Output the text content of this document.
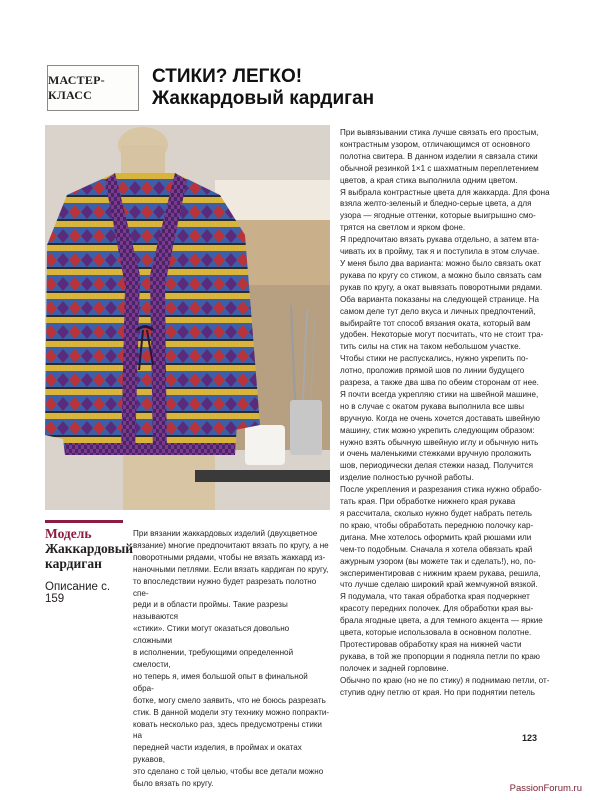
МАСТЕР-КЛАСС
СТИКИ? ЛЕГКО!
Жаккардовый кардиган
Модель
Жаккардовый
кардиган
Описание с. 159

При вязании жаккардовых изделий (двухцветное

вязание) многие предпочитают вязать по кругу, а не

поворотными рядами, чтобы не вязать жаккард из-

наночными петлями. Если вязать кардиган по кругу,

то впоследствии нужно будет разрезать полотно спе-

реди и в области проймы. Такие разрезы называются

«стики». Стики могут оказаться довольно сложными

в исполнении, требующими определенной смелости,

но теперь я, имея большой опыт в финальной обра-

ботке, могу смело заявить, что не боюсь разрезать

стик. В данной модели эту технику можно попракти-

ковать несколько раз, здесь предусмотрены стики на

передней части изделия, в проймах и окатах рукавов,

это сделано с той целью, чтобы все детали можно

было вязать по кругу.

При вывязывании стика лучше связать его простым,

контрастным узором, отличающимся от основного

полотна свитера. В данном изделии я связала стики

обычной резинкой 1×1 с шахматным переплетением

цветов, а края стика выполнила одним цветом.

Я выбрала контрастные цвета для жаккарда. Для фона

взяла желто-зеленый и бледно-серые цвета, а для

узора — ягодные оттенки, которые выигрышно смо-

трятся на светлом и ярком фоне.

Я предпочитаю вязать рукава отдельно, а затем вта-

чивать их в пройму, так я и поступила в этом случае.

У меня было два варианта: можно было связать окат

рукава по кругу со стиком, а можно было связать сам

рукав по кругу, а окат вывязать поворотными рядами.

Оба варианта показаны на следующей странице. На

самом деле тут дело вкуса и личных предпочтений,

выбирайте тот способ вязания оката, который вам

удобен. Некоторые могут посчитать, что не стоит тра-

тить силы на стик на таком небольшом участке.

Чтобы стики не распускались, нужно укрепить по-

лотно, проложив прямой шов по линии будущего

разреза, а также два шва по обеим сторонам от нее.

Я почти всегда укрепляю стики на швейной машине,

но в случае с окатом рукава выполнила все швы

вручную. Когда не очень хочется доставать швейную

машину, стик можно укрепить следующим образом:

нужно взять обычную швейную иглу и обычную нить

и очень маленькими стежками вручную проложить

шов, периодически делая стежки назад. Получится

изделие полностью ручной работы.

После укрепления и разрезания стика нужно обрабо-

тать края. При обработке нижнего края рукава

я рассчитала, сколько нужно будет набрать петель

по краю, чтобы обработать переднюю полочку кар-

дигана. Мне хотелось оформить край рюшами или

чем-то подобным. Сначала я хотела обвязать край

ажурным узором (вы можете так и сделать!), но, по-

экспериментировав с нижним краем рукава, решила,

что лучше сделаю широкий край жемчужной вязкой.

Я подумала, что такая обработка края подчеркнет

красоту передних полочек. Для обработки края вы-

брала ягодные цвета, а для темного акцента — яркие

цвета, которые использовала в основном полотне.

Протестировав обработку края на нижней части

рукава, в той же пропорции я подняла петли по краю

полочек и задней горловине.

Обычно по краю (но не по стику) я поднимаю петли, от-

ступив одну петлю от края. Но при поднятии петель

123
PassionForum.ru
